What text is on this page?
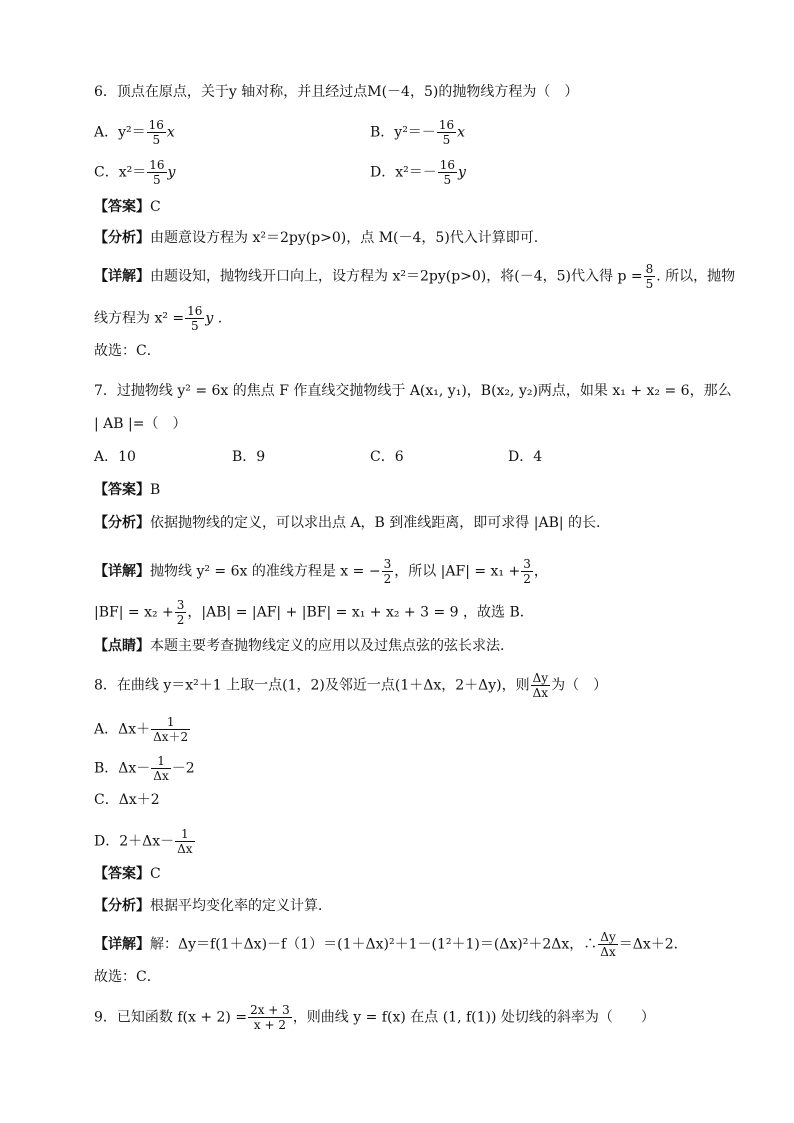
6．顶点在原点，关于y 轴对称，并且经过点M(－4，5)的抛物线方程为（　）
A．$y^2= \frac{16}{5}$ x	B．$y^2=- \frac{16}{5}$ x
C．$x^2= \frac{16}{5}$ y	D．$x^2=- \frac{16}{5}$ y
【答案】C
【分析】由题意设方程为 x²＝2py(p>0)，点 M(－4，5)代入计算即可.
【详解】由题设知，抛物线开口向上，设方程为 x²＝2py(p>0)，将(－4，5)代入得 $p = \frac{8}{5}$ . 所以，抛物
线方程为 $x^2 = \frac{16}{5}$ y .
故选：C．
7．过抛物线 y² = 6x 的焦点 F 作直线交抛物线于 A(x₁, y₁)，B(x₂, y₂)两点，如果 x₁ + x₂ = 6，那么
| AB |=（　）
A．10	B．9	C．6	D．4
【答案】B
【分析】依据抛物线的定义，可以求出点 A，B 到准线距离，即可求得 |AB| 的长.
【详解】抛物线 y² = 6x 的准线方程是 x = − $\frac{3}{2}$ ，所以 $|AF| = x_1 + \frac{3}{2}$ ，
$|BF| = x_2 + \frac{3}{2}$ ，|AB| = |AF| + |BF| = x₁ + x₂ + 3 = 9 ，故选 B．
【点睛】本题主要考查抛物线定义的应用以及过焦点弦的弦长求法.
8．在曲线 y＝x²＋1 上取一点(1，2)及邻近一点(1＋Δx，2＋Δy)，则 $\frac{\Delta y}{\Delta x}$ 为（　）
A．$\Delta x+ \frac{1}{\Delta x+2}$
B．$\Delta x- \frac{1}{\Delta x} -2$
C．Δx＋2
D．$2+\Delta x- \frac{1}{\Delta x}$
【答案】C
【分析】根据平均变化率的定义计算．
【详解】解：Δy＝f(1＋Δx)－f（1）＝(1＋Δx)²＋1－(1²＋1)＝(Δx)²＋2Δx，∴ $\frac{\Delta y}{\Delta x} =\Delta x+2$．
故选：C．
9．已知函数 $f(x + 2) = \frac{2x + 3}{x + 2}$ ，则曲线 y = f(x) 在点 (1, f(1)) 处切线的斜率为（　　）
